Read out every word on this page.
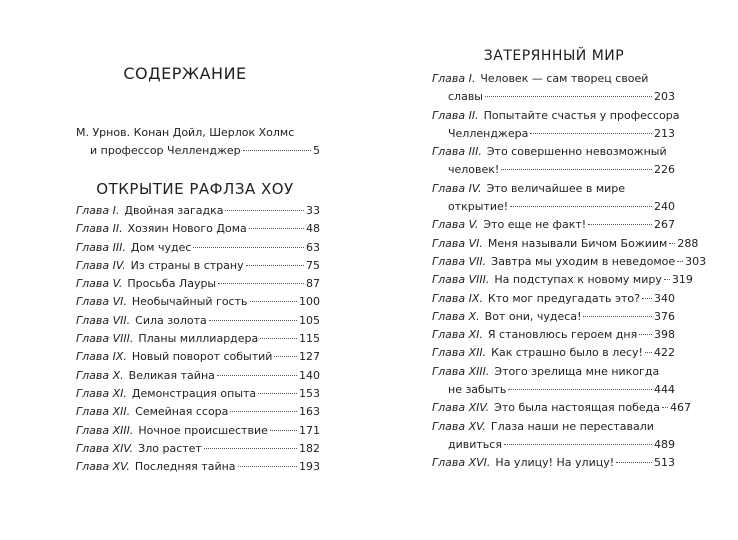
СОДЕРЖАНИЕ
М. Урнов. Конан Дойл, Шерлок Холмс
и профессор Челленджер	5
ОТКРЫТИЕ РАФЛЗА ХОУ
Глава I. Двойная загадка	33
Глава II. Хозяин Нового Дома	48
Глава III. Дом чудес	63
Глава IV. Из страны в страну	75
Глава V. Просьба Лауры	87
Глава VI. Необычайный гость	100
Глава VII. Сила золота	105
Глава VIII. Планы миллиардера	115
Глава IX. Новый поворот событий 127
Глава X. Великая тайна	140
Глава XI. Демонстрация опыта	153
Глава XII. Семейная ссора	163
Глава XIII. Ночное происшествие	171
Глава XIV. Зло растет	182
Глава XV. Последняя тайна	193
ЗАТЕРЯННЫЙ МИР
Глава I. Человек — сам творец своей
славы	203
Глава II. Попытайте счастья у профессора
Челленджера	213
Глава III. Это совершенно невозможный
человек!	226
Глава IV. Это величайшее в мире
открытие!	240
Глава V. Это еще не факт!	267
Глава VI. Меня называли Бичом Божиим 288
Глава VII. Завтра мы уходим в неведомое 303
Глава VIII. На подступах к новому миру 319
Глава IX. Кто мог предугадать это? 340
Глава X. Вот они, чудеса!	376
Глава XI. Я становлюсь героем дня 398
Глава XII. Как страшно было в лесу! 422
Глава XIII. Этого зрелища мне никогда
не забыть	444
Глава XIV. Это была настоящая победа 467
Глава XV. Глаза наши не переставали
дивиться	489
Глава XVI. На улицу! На улицу!	513
